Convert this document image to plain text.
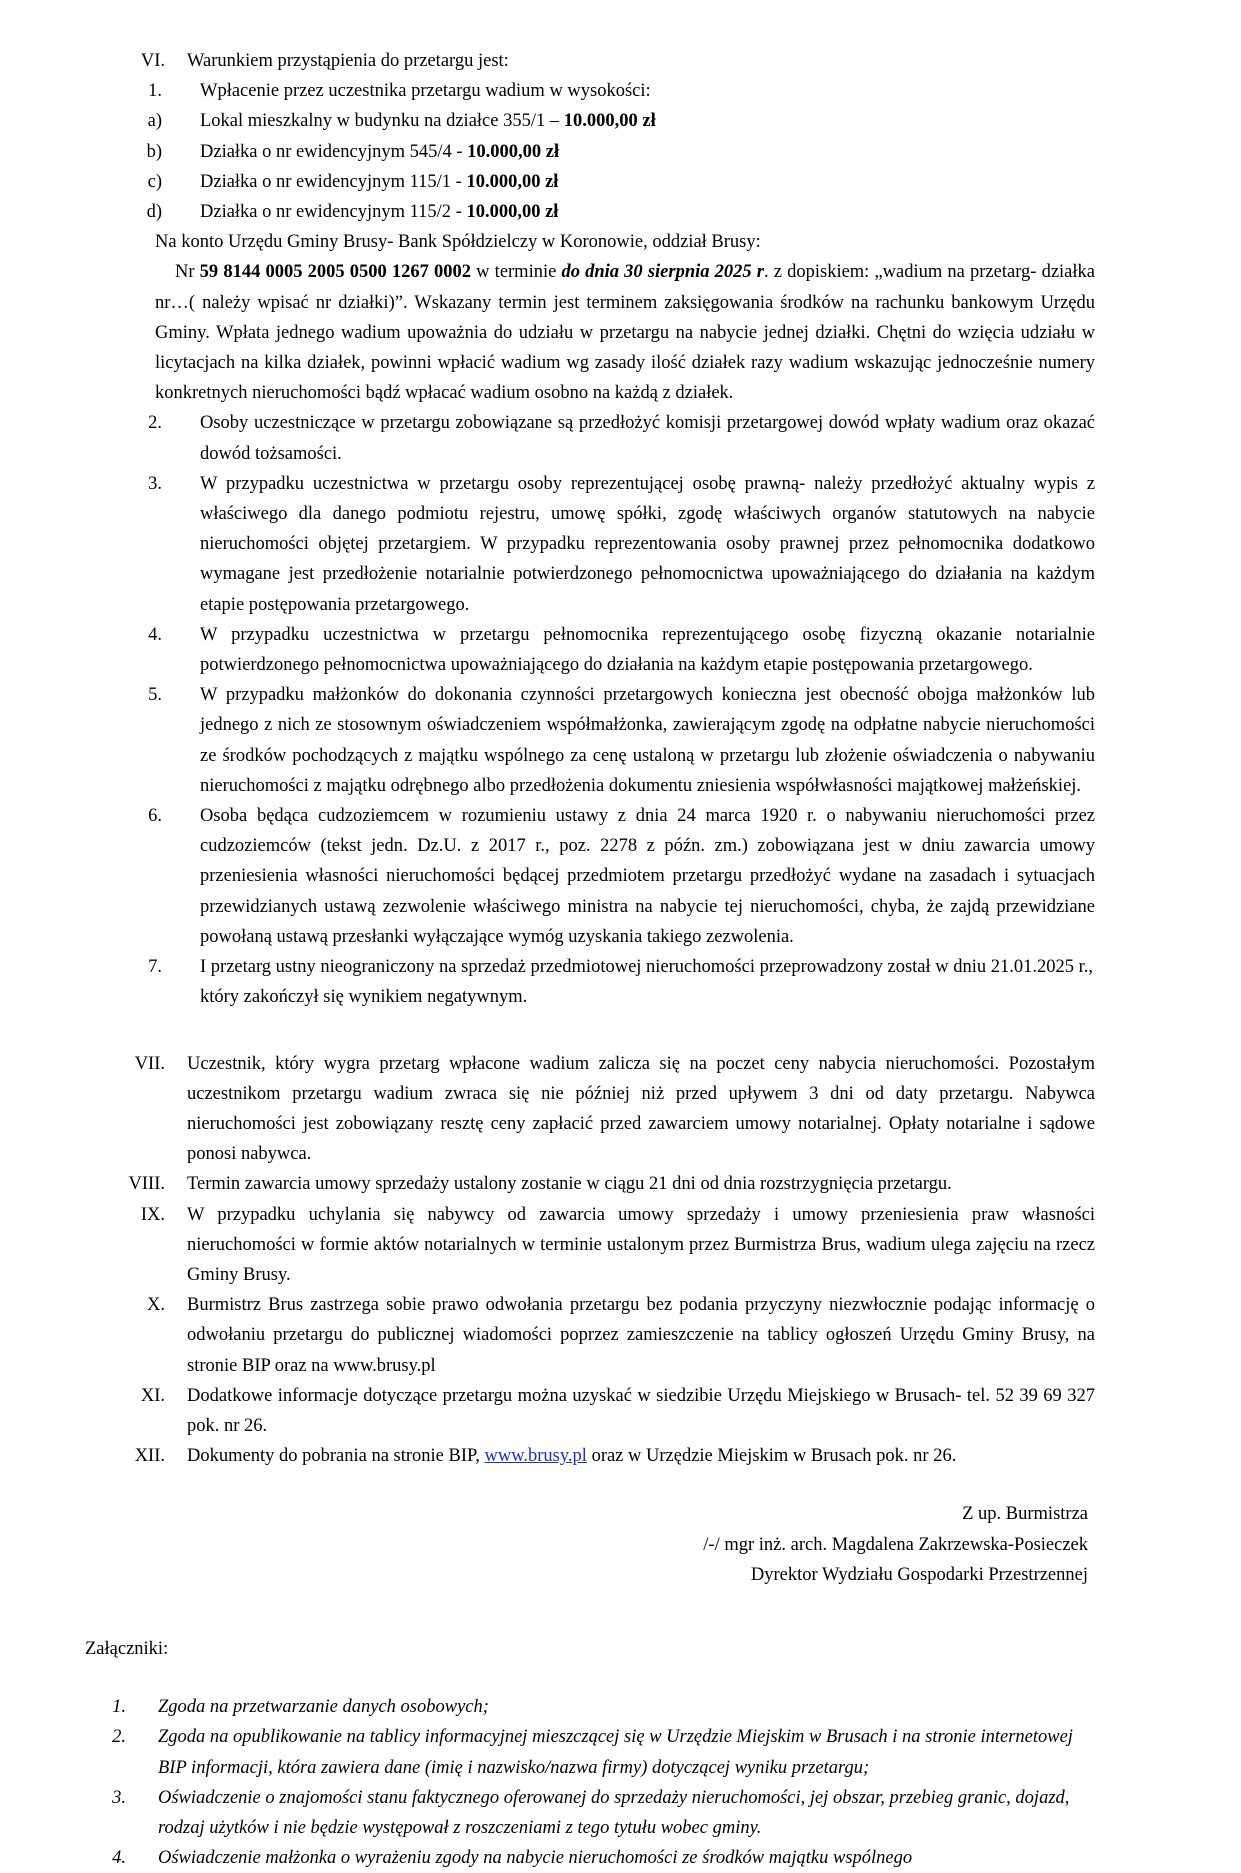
VI. Warunkiem przystąpienia do przetargu jest:
1. Wpłacenie przez uczestnika przetargu wadium w wysokości:
a) Lokal mieszkalny w budynku na działce 355/1 – 10.000,00 zł
b) Działka o nr ewidencyjnym 545/4 - 10.000,00 zł
c) Działka o nr ewidencyjnym 115/1 - 10.000,00 zł
d) Działka o nr ewidencyjnym 115/2 - 10.000,00 zł
Na konto Urzędu Gminy Brusy- Bank Spółdzielczy w Koronowie, oddział Brusy:
Nr 59 8144 0005 2005 0500 1267 0002 w terminie do dnia 30 sierpnia 2025 r. z dopiskiem: „wadium na przetarg- działka nr…( należy wpisać nr działki)”. Wskazany termin jest terminem zaksięgowania środków na rachunku bankowym Urzędu Gminy. Wpłata jednego wadium upoważnia do udziału w przetargu na nabycie jednej działki. Chętni do wzięcia udziału w licytacjach na kilka działek, powinni wpłacić wadium wg zasady ilość działek razy wadium wskazując jednocześnie numery konkretnych nieruchomości bądź wpłacać wadium osobno na każdą z działek.
2. Osoby uczestniczące w przetargu zobowiązane są przedłożyć komisji przetargowej dowód wpłaty wadium oraz okazać dowód tożsamości.
3. W przypadku uczestnictwa w przetargu osoby reprezentującej osobę prawną- należy przedłożyć aktualny wypis z właściwego dla danego podmiotu rejestru, umowę spółki, zgodę właściwych organów statutowych na nabycie nieruchomości objętej przetargiem. W przypadku reprezentowania osoby prawnej przez pełnomocnika dodatkowo wymagane jest przedłożenie notarialnie potwierdzonego pełnomocnictwa upoważniającego do działania na każdym etapie postępowania przetargowego.
4. W przypadku uczestnictwa w przetargu pełnomocnika reprezentującego osobę fizyczną okazanie notarialnie potwierdzonego pełnomocnictwa upoważniającego do działania na każdym etapie postępowania przetargowego.
5. W przypadku małżonków do dokonania czynności przetargowych konieczna jest obecność obojga małżonków lub jednego z nich ze stosownym oświadczeniem współmałżonka, zawierającym zgodę na odpłatne nabycie nieruchomości ze środków pochodzących z majątku wspólnego za cenę ustaloną w przetargu lub złożenie oświadczenia o nabywaniu nieruchomości z majątku odrębnego albo przedłożenia dokumentu zniesienia współwłasności majątkowej małżeńskiej.
6. Osoba będąca cudzoziemcem w rozumieniu ustawy z dnia 24 marca 1920 r. o nabywaniu nieruchomości przez cudzoziemców (tekst jedn. Dz.U. z 2017 r., poz. 2278 z późn. zm.) zobowiązana jest w dniu zawarcia umowy przeniesienia własności nieruchomości będącej przedmiotem przetargu przedłożyć wydane na zasadach i sytuacjach przewidzianych ustawą zezwolenie właściwego ministra na nabycie tej nieruchomości, chyba, że zajdą przewidziane powołaną ustawą przesłanki wyłączające wymóg uzyskania takiego zezwolenia.
7. I przetarg ustny nieograniczony na sprzedaż przedmiotowej nieruchomości przeprowadzony został w dniu 21.01.2025 r., który zakończył się wynikiem negatywnym.
VII. Uczestnik, który wygra przetarg wpłacone wadium zalicza się na poczet ceny nabycia nieruchomości. Pozostałym uczestnikom przetargu wadium zwraca się nie później niż przed upływem 3 dni od daty przetargu. Nabywca nieruchomości jest zobowiązany resztę ceny zapłacić przed zawarciem umowy notarialnej. Opłaty notarialne i sądowe ponosi nabywca.
VIII. Termin zawarcia umowy sprzedaży ustalony zostanie w ciągu 21 dni od dnia rozstrzygnięcia przetargu.
IX. W przypadku uchylania się nabywcy od zawarcia umowy sprzedaży i umowy przeniesienia praw własności nieruchomości w formie aktów notarialnych w terminie ustalonym przez Burmistrza Brus, wadium ulega zajęciu na rzecz Gminy Brusy.
X. Burmistrz Brus zastrzega sobie prawo odwołania przetargu bez podania przyczyny niezwłocznie podając informację o odwołaniu przetargu do publicznej wiadomości poprzez zamieszczenie na tablicy ogłoszeń Urzędu Gminy Brusy, na stronie BIP oraz na www.brusy.pl
XI. Dodatkowe informacje dotyczące przetargu można uzyskać w siedzibie Urzędu Miejskiego w Brusach- tel. 52 39 69 327 pok. nr 26.
XII. Dokumenty do pobrania na stronie BIP, www.brusy.pl oraz w Urzędzie Miejskim w Brusach pok. nr 26.
Z up. Burmistrza
/-/ mgr inż. arch. Magdalena Zakrzewska-Posieczek
Dyrektor Wydziału Gospodarki Przestrzennej
Załączniki:
1. Zgoda na przetwarzanie danych osobowych;
2. Zgoda na opublikowanie na tablicy informacyjnej mieszczącej się w Urzędzie Miejskim w Brusach i na stronie internetowej BIP informacji, która zawiera dane (imię i nazwisko/nazwa firmy) dotyczącej wyniku przetargu;
3. Oświadczenie o znajomości stanu faktycznego oferowanej do sprzedaży nieruchomości, jej obszar, przebieg granic, dojazd, rodzaj użytków i nie będzie występował z roszczeniami z tego tytułu wobec gminy.
4. Oświadczenie małżonka o wyrażeniu zgody na nabycie nieruchomości ze środków majątku wspólnego
